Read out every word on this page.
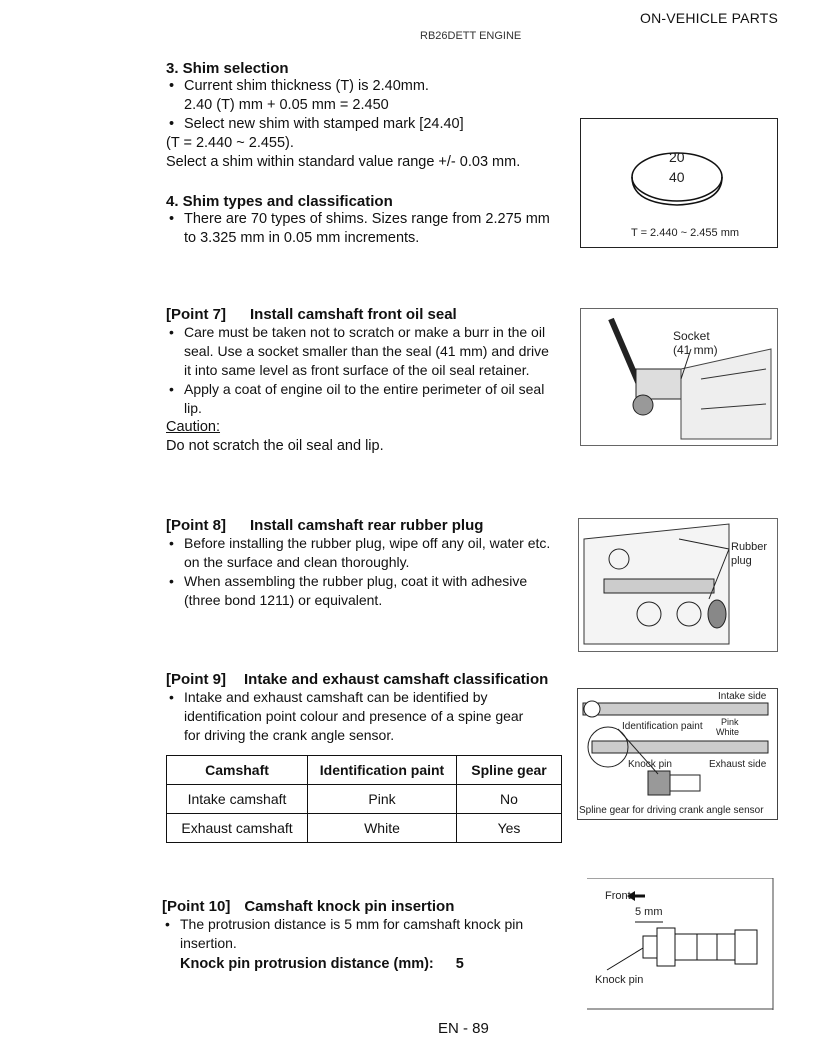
ON-VEHICLE PARTS
RB26DETT ENGINE
3. Shim selection
• Current shim thickness (T) is 2.40mm.
2.40 (T) mm + 0.05 mm = 2.450
• Select new shim with stamped mark [24.40]
(T = 2.440 ~ 2.455).
Select a shim within standard value range +/- 0.03 mm.	20
40
T = 2.440 ~ 2.455 mm
4. Shim types and classification
• There are 70 types of shims. Sizes range from 2.275 mm
to 3.325 mm in 0.05 mm increments.
[Point 7] Install camshaft front oil seal
• Care must be taken not to scratch or make a burr in the oil
seal. Use a socket smaller than the seal (41 mm) and drive
it into same level as front surface of the oil seal retainer.
• Apply a coat of engine oil to the entire perimeter of oil seal
lip.
Caution:
Do not scratch the oil seal and lip.
Socket
(41 mm)
[Point 8] Install camshaft rear rubber plug
• Before installing the rubber plug, wipe off any oil, water etc.
on the surface and clean thoroughly.
• When assembling the rubber plug, coat it with adhesive
(three bond 1211) or equivalent.
Rubber
plug
[Point 9] Intake and exhaust camshaft classification
• Intake and exhaust camshaft can be identified by
identification point colour and presence of a spine gear
for driving the crank angle sensor.
Camshaft	Identification paint	Spline gear
Intake camshaft	Pink	No
Exhaust camshaft	White	Yes
Intake side
Identification paint Pink
White
Knock pin	Exhaust side
Spline gear for driving crank angle sensor
[Point 10] Camshaft knock pin insertion
• The protrusion distance is 5 mm for camshaft knock pin
insertion.
Knock pin protrusion distance (mm): 5
Front
5 mm
Knock pin
EN - 89
